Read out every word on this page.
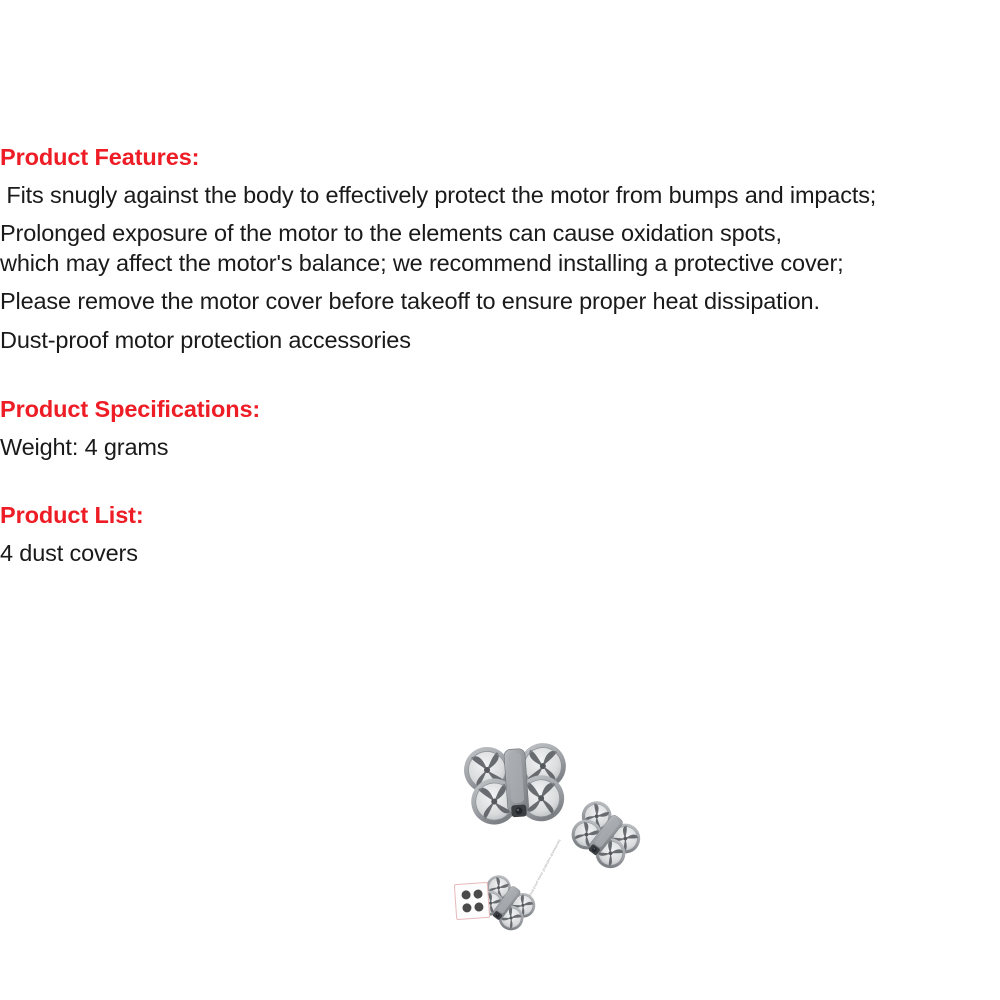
Product Features:
Fits snugly against the body to effectively protect the motor from bumps and impacts;
Prolonged exposure of the motor to the elements can cause oxidation spots,
which may affect the motor's balance; we recommend installing a protective cover;
Please remove the motor cover before takeoff to ensure proper heat dissipation.
Dust-proof motor protection accessories
Product Specifications:
Weight: 4 grams
Product List:
4 dust covers
Dust-proof motor protection accessories
